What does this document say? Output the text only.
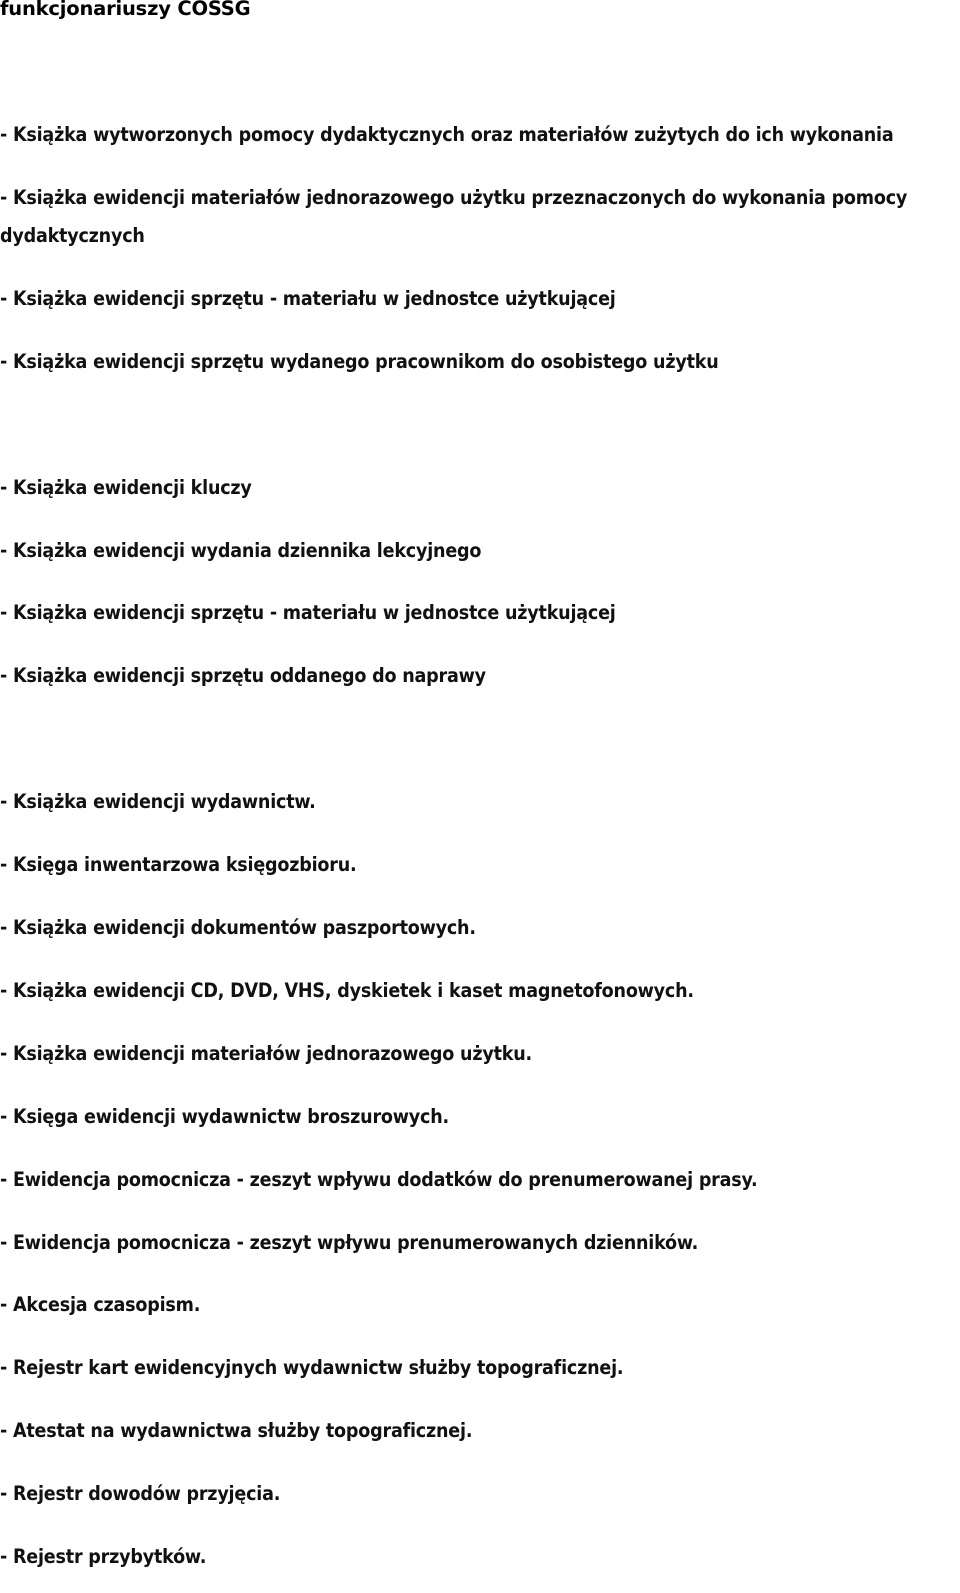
funkcjonariuszy COSSG
- Książka wytworzonych pomocy dydaktycznych oraz materiałów zużytych do ich wykonania
- Książka ewidencji materiałów jednorazowego użytku przeznaczonych do wykonania pomocy
dydaktycznych
- Książka ewidencji sprzętu - materiału w jednostce użytkującej
- Książka ewidencji sprzętu wydanego pracownikom do osobistego użytku
- Książka ewidencji kluczy
- Książka ewidencji wydania dziennika lekcyjnego
- Książka ewidencji sprzętu - materiału w jednostce użytkującej
- Książka ewidencji sprzętu oddanego do naprawy
- Książka ewidencji wydawnictw.
- Księga inwentarzowa księgozbioru.
- Książka ewidencji dokumentów paszportowych.
- Książka ewidencji CD, DVD, VHS, dyskietek i kaset magnetofonowych.
- Książka ewidencji materiałów jednorazowego użytku.
- Księga ewidencji wydawnictw broszurowych.
- Ewidencja pomocnicza - zeszyt wpływu dodatków do prenumerowanej prasy.
- Ewidencja pomocnicza - zeszyt wpływu prenumerowanych dzienników.
- Akcesja czasopism.
- Rejestr kart ewidencyjnych wydawnictw służby topograficznej.
- Atestat na wydawnictwa służby topograficznej.
- Rejestr dowodów przyjęcia.
- Rejestr przybytków.
